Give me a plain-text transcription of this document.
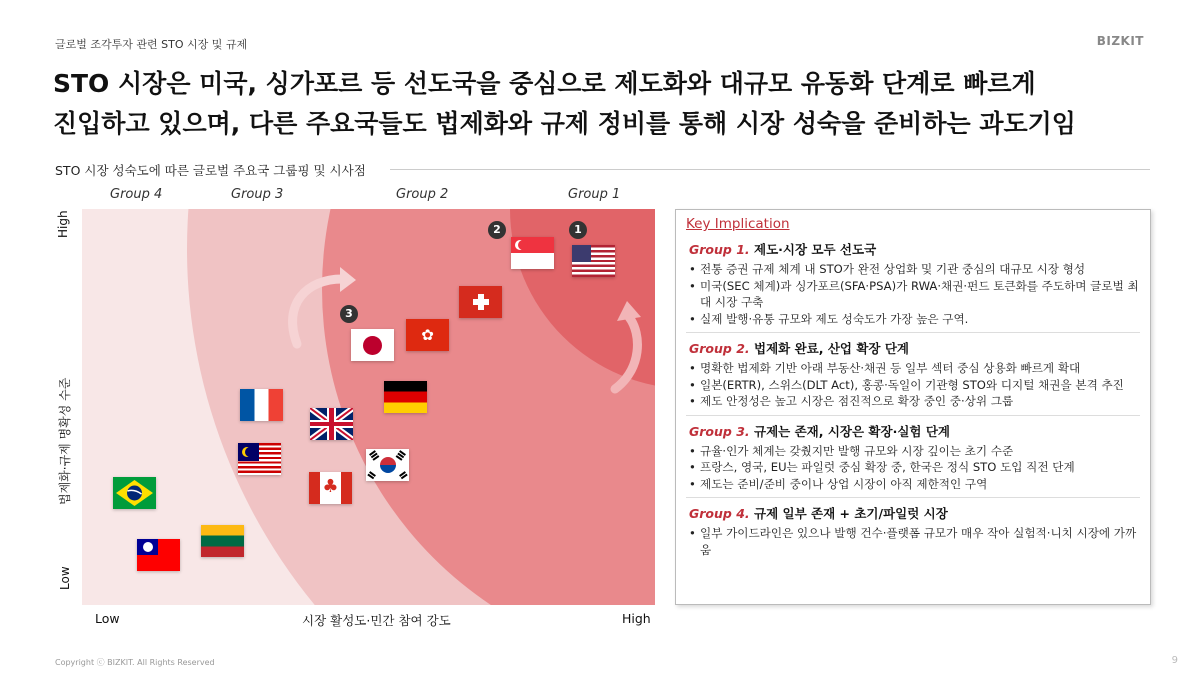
글로벌 조각투자 관련 STO 시장 및 규제	BIZKIT
STO 시장은 미국, 싱가포르 등 선도국을 중심으로 제도화와 대규모 유동화 단계로 빠르게
진입하고 있으며, 다른 주요국들도 법제화와 규제 정비를 통해 시장 성숙을 준비하는 과도기임
STO 시장 성숙도에 따른 글로벌 주요국 그룹핑 및 시사점
Group 4	Group 3	Group 2	Group 1
High
법제화·규제 명확성 수준
Low
1
2
3
✿
♣
Low	시장 활성도·민간 참여 강도	High
Key Implication
Group 1. 제도·시장 모두 선도국
• 전통 증권 규제 체계 내 STO가 완전 상업화 및 기관 중심의 대규모 시장 형성
• 미국(SEC 체계)과 싱가포르(SFA·PSA)가 RWA·채권·펀드 토큰화를 주도하며 글로벌 최대 시장 구축
• 실제 발행·유통 규모와 제도 성숙도가 가장 높은 구역.
Group 2. 법제화 완료, 산업 확장 단계
• 명확한 법제화 기반 아래 부동산·채권 등 일부 섹터 중심 상용화 빠르게 확대
• 일본(ERTR), 스위스(DLT Act), 홍콩·독일이 기관형 STO와 디지털 채권을 본격 추진
• 제도 안정성은 높고 시장은 점진적으로 확장 중인 중·상위 그룹
Group 3. 규제는 존재, 시장은 확장·실험 단계
• 규율·인가 체계는 갖췄지만 발행 규모와 시장 깊이는 초기 수준
• 프랑스, 영국, EU는 파일럿 중심 확장 중, 한국은 정식 STO 도입 직전 단계
• 제도는 준비/준비 중이나 상업 시장이 아직 제한적인 구역
Group 4. 규제 일부 존재 + 초기/파일럿 시장
• 일부 가이드라인은 있으나 발행 건수·플랫폼 규모가 매우 작아 실험적·니치 시장에 가까움
Copyright ⓒ BIZKIT. All Rights Reserved	9
